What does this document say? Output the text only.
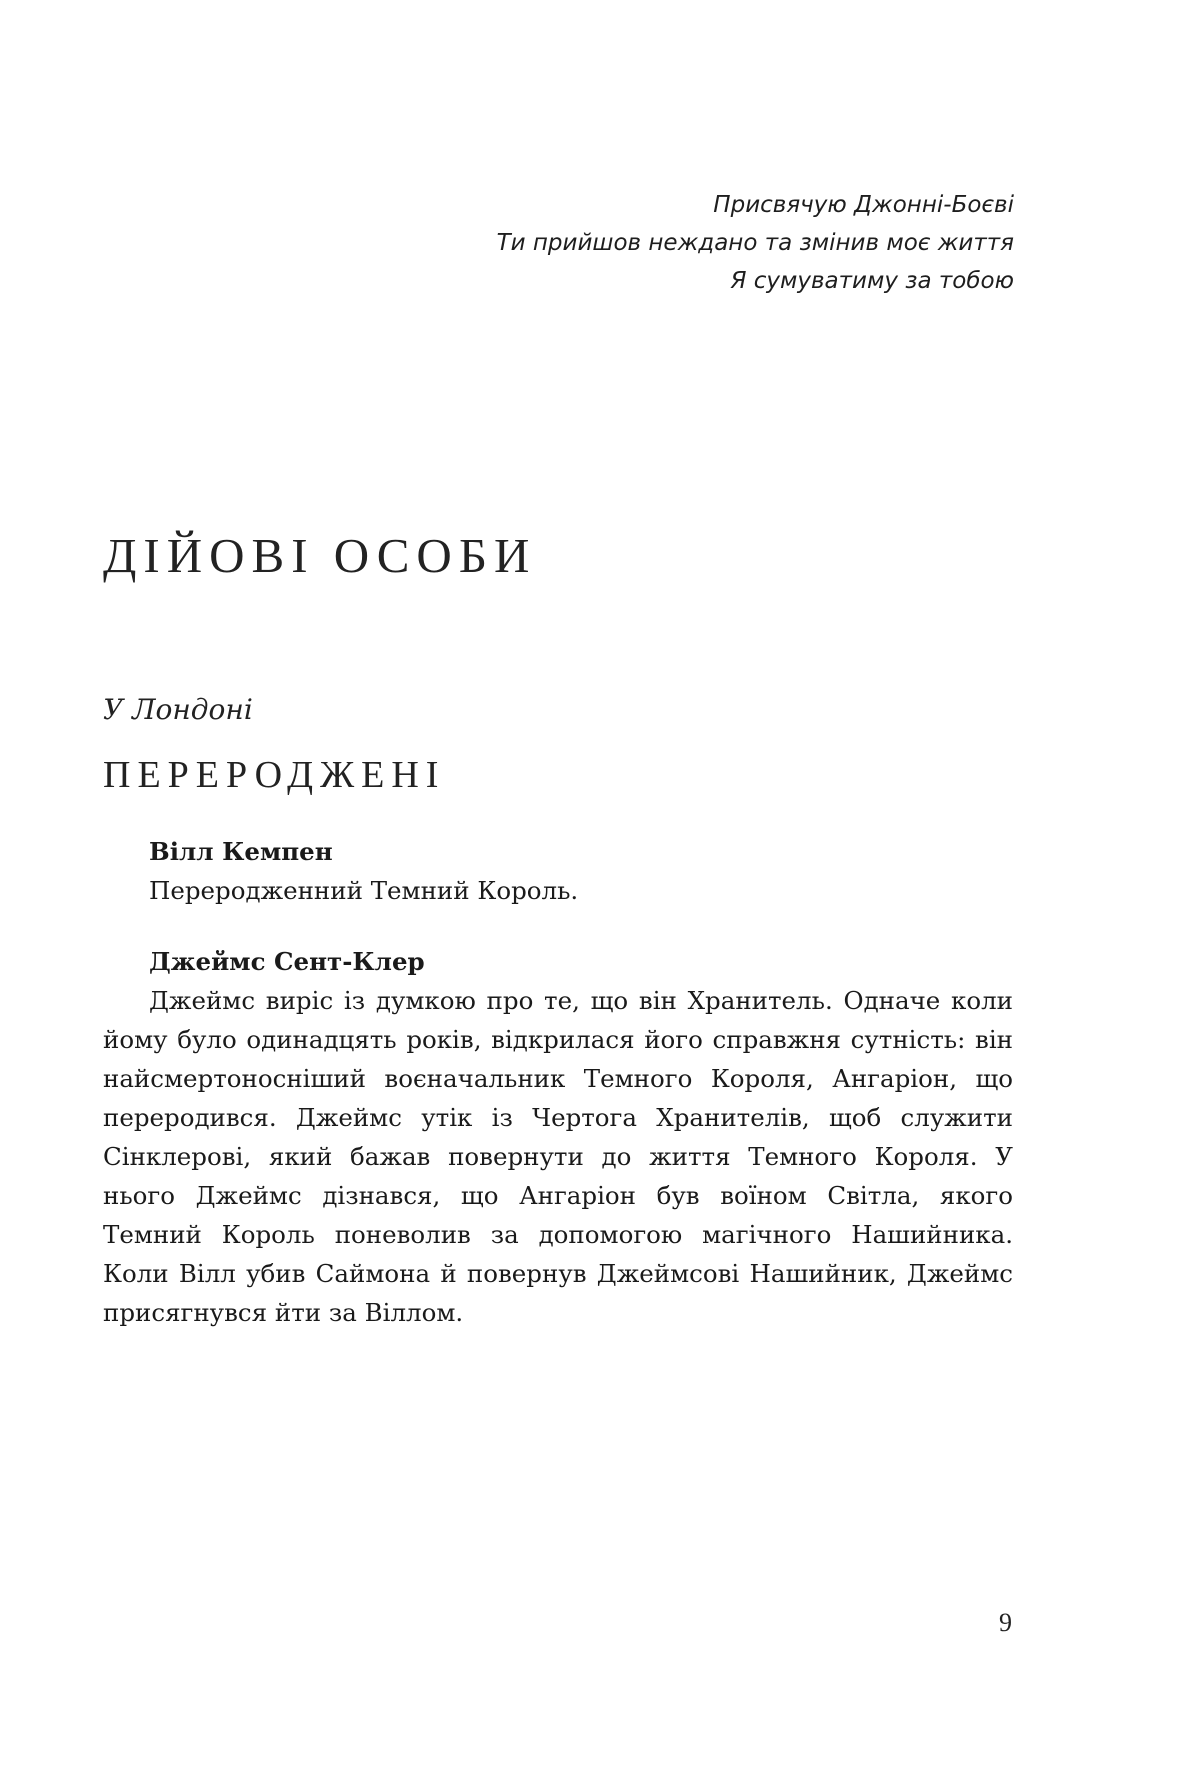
Присвячую Джонні-Боєві
Ти прийшов неждано та змінив моє життя
Я сумуватиму за тобою
ДІЙОВІ ОСОБИ
У Лондоні
ПЕРЕРОДЖЕНІ
Вілл Кемпен
Переродженний Темний Король.
Джеймс Сент-Клер
Джеймс виріс із думкою про те, що він Хранитель. Одначе коли йому було одинадцять років, відкрилася його справжня сутність: він найсмертоносніший воєначальник Темного Короля, Ангаріон, що переродився. Джеймс утік із Чертога Хранителів, щоб служити Сінклерові, який бажав повернути до життя Темного Короля. У нього Джеймс дізнався, що Ангаріон був воїном Світла, якого Темний Король поневолив за допомогою магічного Нашийника. Коли Вілл убив Саймона й повернув Джеймсові Нашийник, Джеймс присягнувся йти за Віллом.
9
